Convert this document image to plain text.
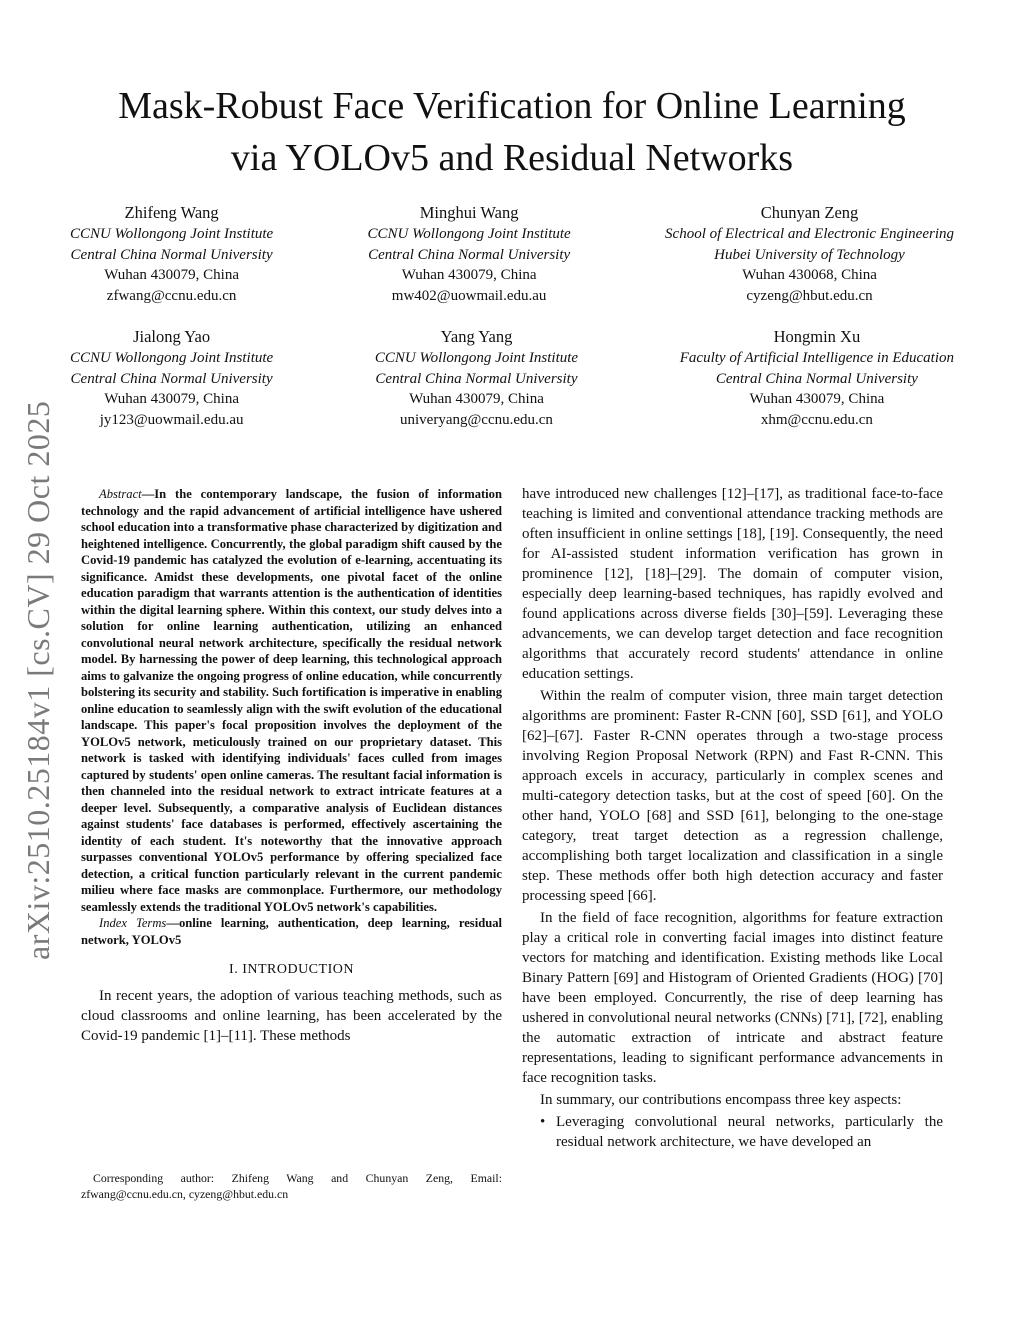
arXiv:2510.25184v1 [cs.CV] 29 Oct 2025
Mask-Robust Face Verification for Online Learning
via YOLOv5 and Residual Networks
Zhifeng Wang
CCNU Wollongong Joint Institute
Central China Normal University
Wuhan 430079, China
zfwang@ccnu.edu.cn
Minghui Wang
CCNU Wollongong Joint Institute
Central China Normal University
Wuhan 430079, China
mw402@uowmail.edu.au
Chunyan Zeng
School of Electrical and Electronic Engineering
Hubei University of Technology
Wuhan 430068, China
cyzeng@hbut.edu.cn
Jialong Yao
CCNU Wollongong Joint Institute
Central China Normal University
Wuhan 430079, China
jy123@uowmail.edu.au
Yang Yang
CCNU Wollongong Joint Institute
Central China Normal University
Wuhan 430079, China
univeryang@ccnu.edu.cn
Hongmin Xu
Faculty of Artificial Intelligence in Education
Central China Normal University
Wuhan 430079, China
xhm@ccnu.edu.cn

Abstract—In the contemporary landscape, the fusion of information technology and the rapid advancement of artificial intelligence have ushered school education into a transformative phase characterized by digitization and heightened intelligence. Concurrently, the global paradigm shift caused by the Covid-19 pandemic has catalyzed the evolution of e-learning, accentuating its significance. Amidst these developments, one pivotal facet of the online education paradigm that warrants attention is the authentication of identities within the digital learning sphere. Within this context, our study delves into a solution for online learning authentication, utilizing an enhanced convolutional neural network architecture, specifically the residual network model. By harnessing the power of deep learning, this technological approach aims to galvanize the ongoing progress of online education, while concurrently bolstering its security and stability. Such fortification is imperative in enabling online education to seamlessly align with the swift evolution of the educational landscape. This paper's focal proposition involves the deployment of the YOLOv5 network, meticulously trained on our proprietary dataset. This network is tasked with identifying individuals' faces culled from images captured by students' open online cameras. The resultant facial information is then channeled into the residual network to extract intricate features at a deeper level. Subsequently, a comparative analysis of Euclidean distances against students' face databases is performed, effectively ascertaining the identity of each student. It's noteworthy that the innovative approach surpasses conventional YOLOv5 performance by offering specialized face detection, a critical function particularly relevant in the current pandemic milieu where face masks are commonplace. Furthermore, our methodology seamlessly extends the traditional YOLOv5 network's capabilities.

Index Terms—online learning, authentication, deep learning, residual network, YOLOv5

I. INTRODUCTION

In recent years, the adoption of various teaching methods, such as cloud classrooms and online learning, has been accelerated by the Covid-19 pandemic [1]–[11]. These methods

Corresponding author: Zhifeng Wang and Chunyan Zeng, Email: zfwang@ccnu.edu.cn, cyzeng@hbut.edu.cn

have introduced new challenges [12]–[17], as traditional face-to-face teaching is limited and conventional attendance tracking methods are often insufficient in online settings [18], [19]. Consequently, the need for AI-assisted student information verification has grown in prominence [12], [18]–[29]. The domain of computer vision, especially deep learning-based techniques, has rapidly evolved and found applications across diverse fields [30]–[59]. Leveraging these advancements, we can develop target detection and face recognition algorithms that accurately record students' attendance in online education settings.

Within the realm of computer vision, three main target detection algorithms are prominent: Faster R-CNN [60], SSD [61], and YOLO [62]–[67]. Faster R-CNN operates through a two-stage process involving Region Proposal Network (RPN) and Fast R-CNN. This approach excels in accuracy, particularly in complex scenes and multi-category detection tasks, but at the cost of speed [60]. On the other hand, YOLO [68] and SSD [61], belonging to the one-stage category, treat target detection as a regression challenge, accomplishing both target localization and classification in a single step. These methods offer both high detection accuracy and faster processing speed [66].

In the field of face recognition, algorithms for feature extraction play a critical role in converting facial images into distinct feature vectors for matching and identification. Existing methods like Local Binary Pattern [69] and Histogram of Oriented Gradients (HOG) [70] have been employed. Concurrently, the rise of deep learning has ushered in convolutional neural networks (CNNs) [71], [72], enabling the automatic extraction of intricate and abstract feature representations, leading to significant performance advancements in face recognition tasks.

In summary, our contributions encompass three key aspects:

• Leveraging convolutional neural networks, particularly the residual network architecture, we have developed an
